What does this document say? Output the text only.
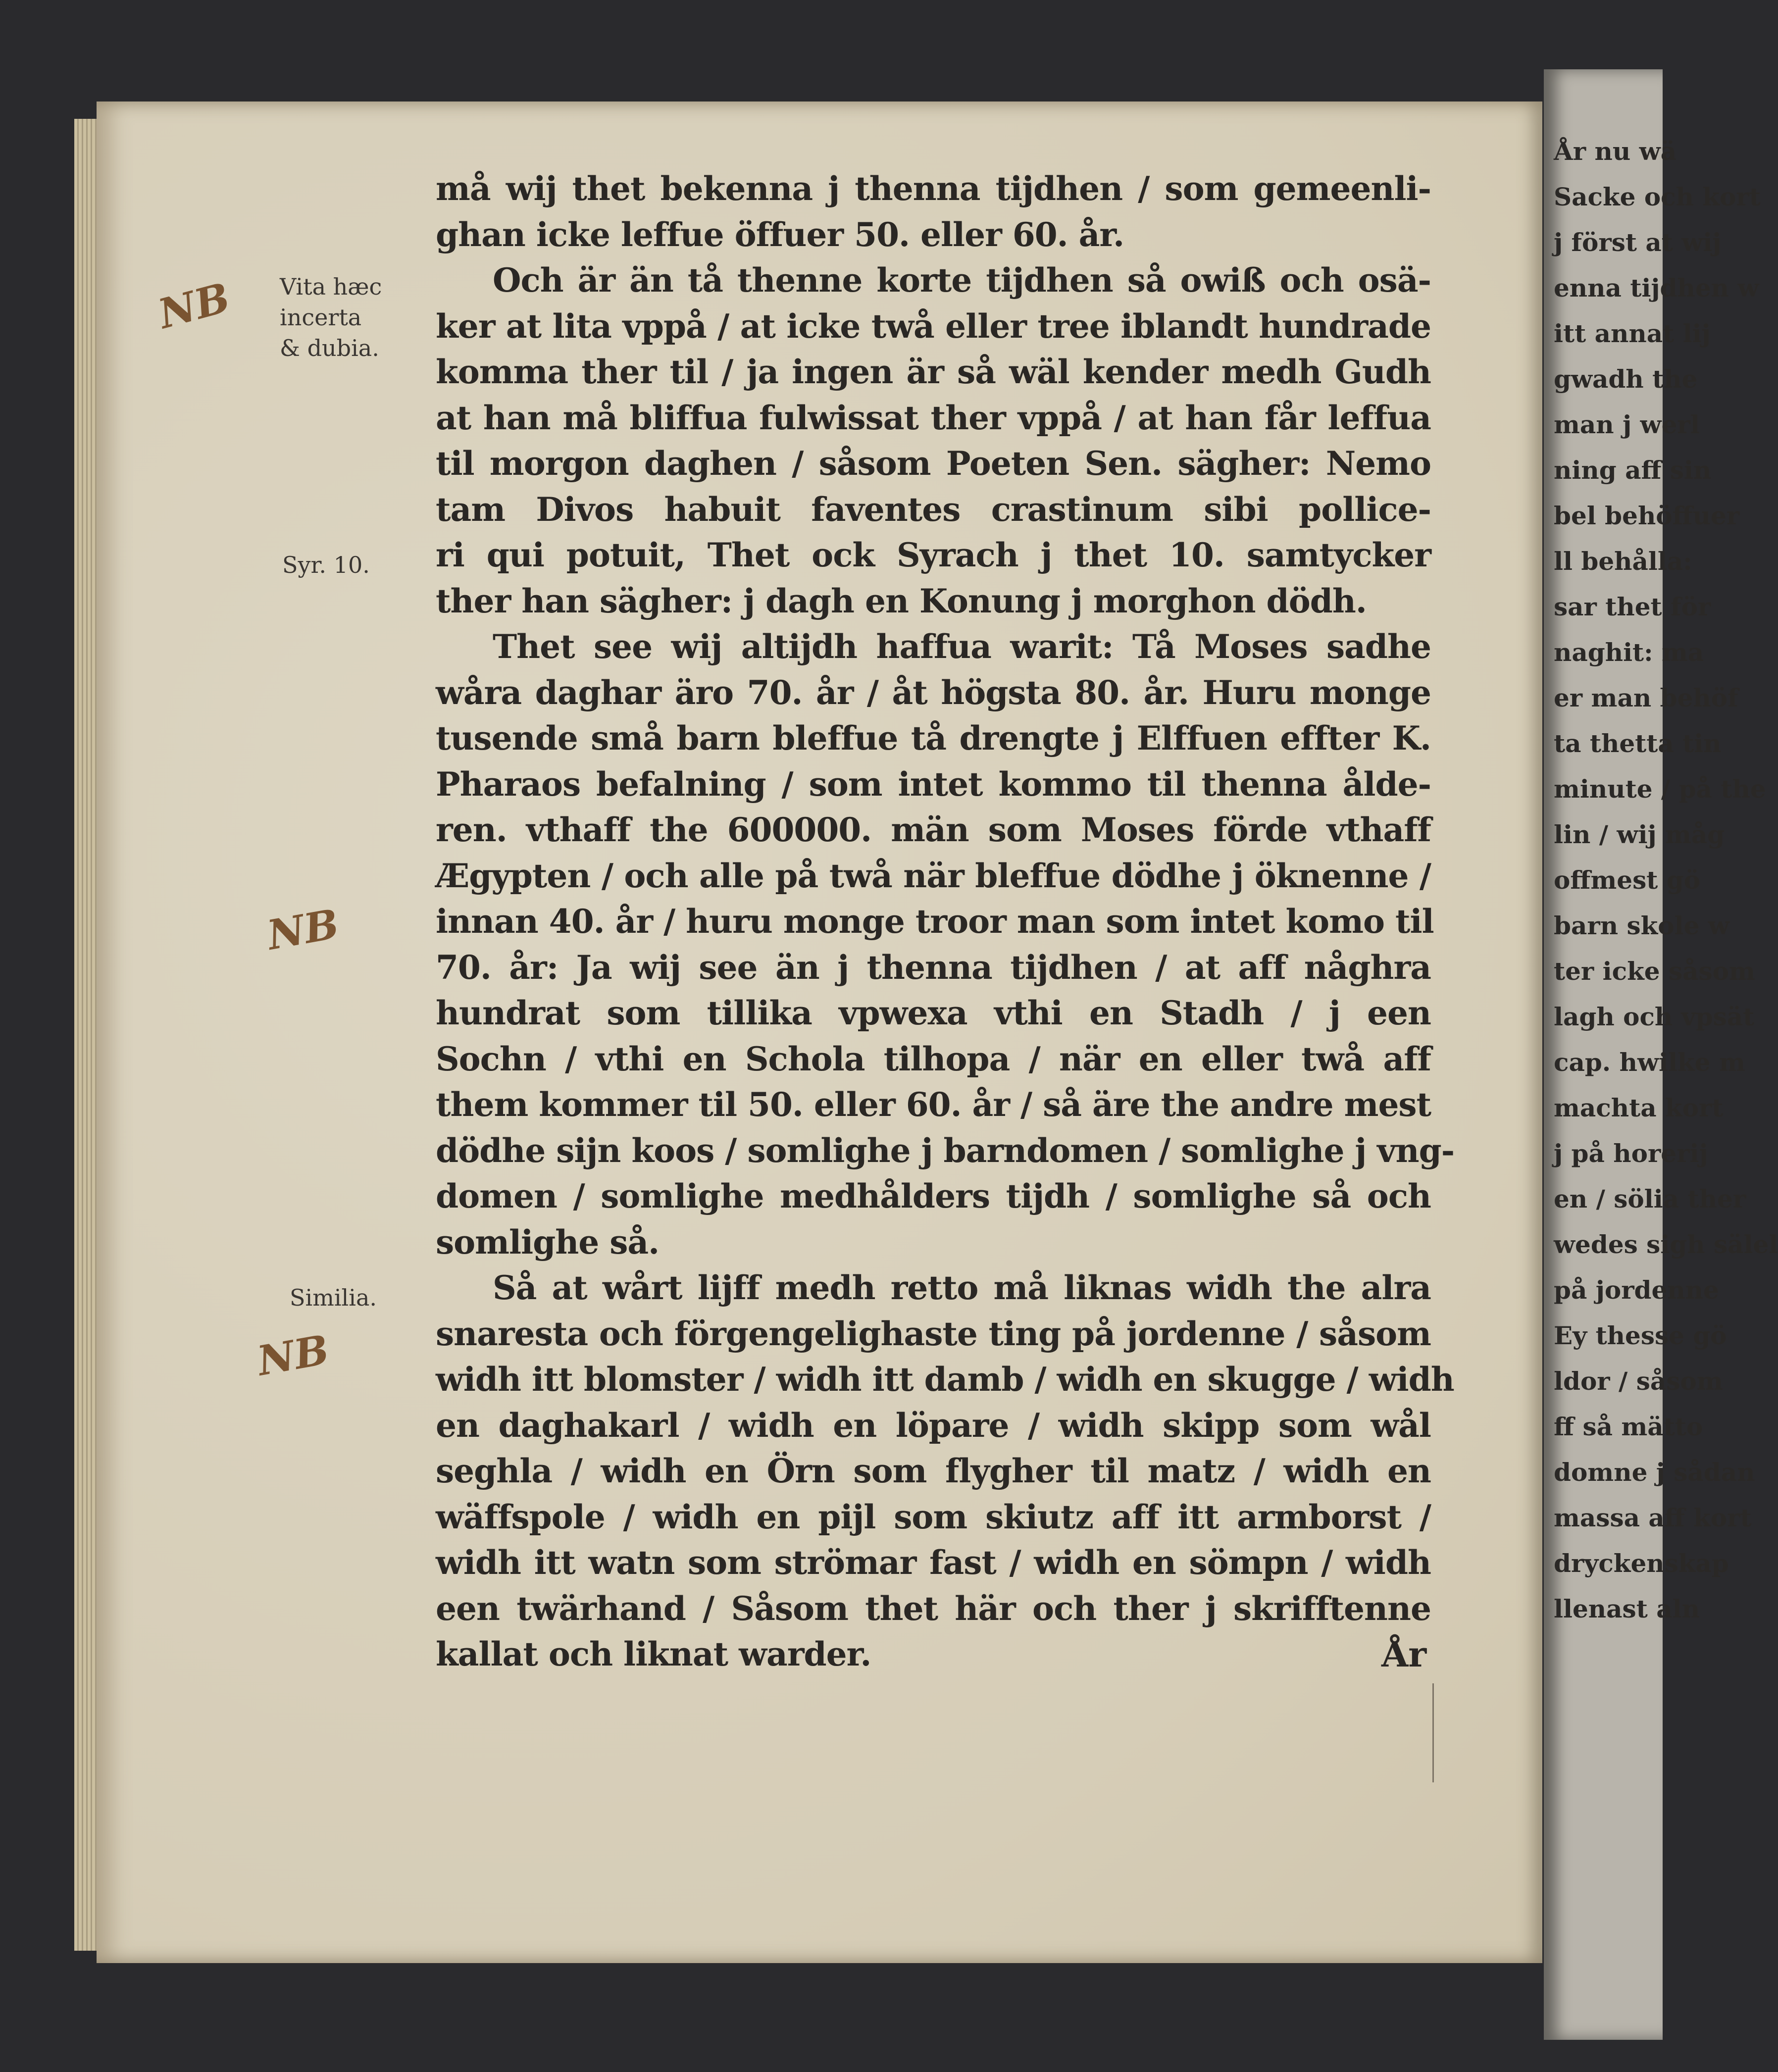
År nu wä
Sacke och kort
j först at wij
enna tijdhen w
itt annat lij
gwadh the
man j werl
ning aff sin
bel behöffuer
ll behålla:
sar thet för
naghit: ma
er man behöf
ta thetta tin
minute / på the
lin / wij måg
offmest gö
barn skole w
ter icke såsom
lagh och vpsät
cap. hwilke m
machta kort
j på horerij
en / sölia ther
wedes sigh sälel
på jordenne
Ey thesse gö
ldor / såsom
ff så mätto
domne j sådan
massa aff kort
dryckenskap
llenast aln
må wij thet bekenna j thenna tijdhen / som gemeenli-
ghan icke leffue öffuer 50. eller 60. år.
Och är än tå thenne korte tijdhen så owiß och osä-
ker at lita vppå / at icke twå eller tree iblandt hundrade
komma ther til / ja ingen är så wäl kender medh Gudh
at han må bliffua fulwissat ther vppå / at han får leffua
til morgon daghen / såsom Poeten Sen. sägher: Nemo
tam Divos habuit faventes crastinum sibi pollice-
ri qui potuit, Thet ock Syrach j thet 10. samtycker
ther han sägher: j dagh en Konung j morghon dödh.
Thet see wij altijdh haffua warit: Tå Moses sadhe
wåra daghar äro 70. år / åt högsta 80. år. Huru monge
tusende små barn bleffue tå drengte j Elffuen effter K.
Pharaos befalning / som intet kommo til thenna ålde-
ren. vthaff the 600000. män som Moses förde vthaff
Ægypten / och alle på twå när bleffue dödhe j öknenne /
innan 40. år / huru monge troor man som intet komo til
70. år: Ja wij see än j thenna tijdhen / at aff någhra
hundrat som tillika vpwexa vthi en Stadh / j een
Sochn / vthi en Schola tilhopa / när en eller twå aff
them kommer til 50. eller 60. år / så äre the andre mest
dödhe sijn koos / somlighe j barndomen / somlighe j vng-
domen / somlighe medhålders tijdh / somlighe så och
somlighe så.
Så at wårt lijff medh retto må liknas widh the alra
snaresta och förgengelighaste ting på jordenne / såsom
widh itt blomster / widh itt damb / widh en skugge / widh
en daghakarl / widh en löpare / widh skipp som wål
seghla / widh en Örn som flygher til matz / widh en
wäffspole / widh en pijl som skiutz aff itt armborst /
widh itt watn som strömar fast / widh en sömpn / widh
een twärhand / Såsom thet här och ther j skrifftenne
kallat och liknat warder.
Vita hæc
incerta
& dubia.
Syr. 10.
Similia.
NB
NB
NB
År
